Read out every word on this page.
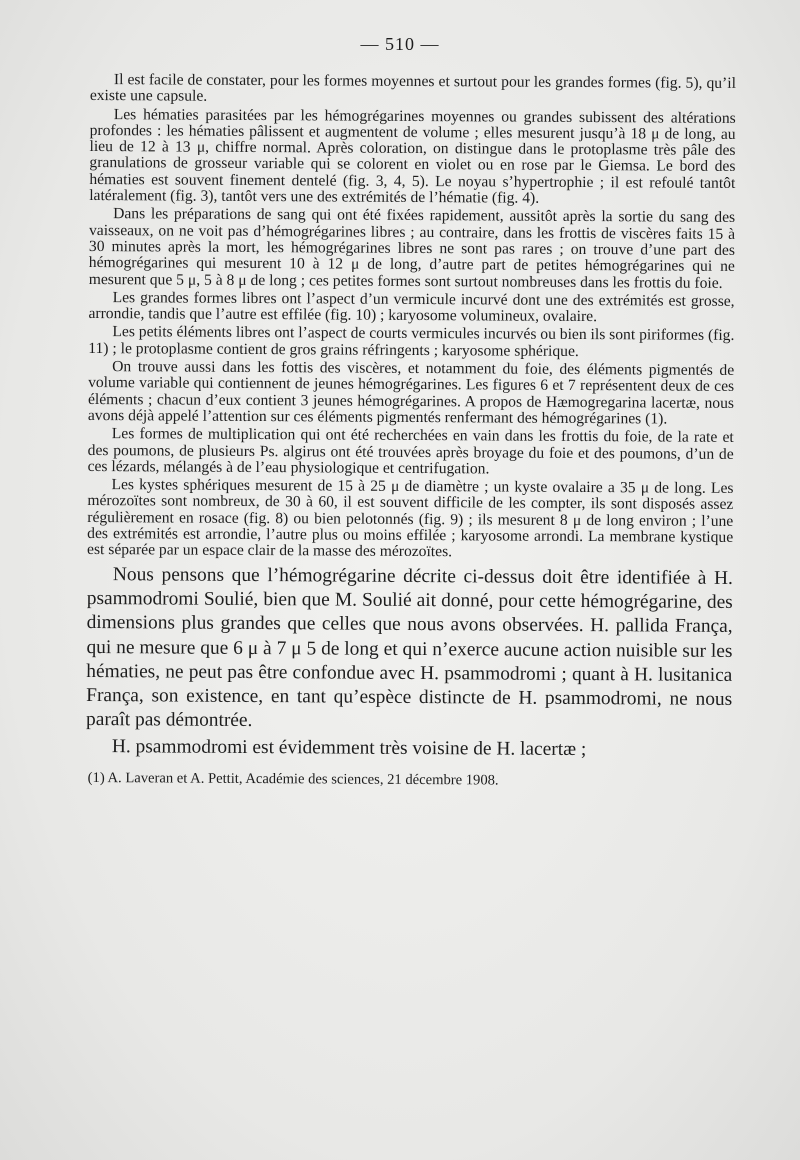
— 510 —

Il est facile de constater, pour les formes moyennes et surtout pour les grandes formes (fig. 5), qu’il existe une capsule.

Les hématies parasitées par les hémogrégarines moyennes ou grandes subissent des altérations profondes : les hématies pâlissent et augmentent de volume ; elles mesurent jusqu’à 18 μ de long, au lieu de 12 à 13 μ, chiffre normal. Après coloration, on distingue dans le protoplasme très pâle des granulations de grosseur variable qui se colorent en violet ou en rose par le Giemsa. Le bord des hématies est souvent finement dentelé (fig. 3, 4, 5). Le noyau s’hypertrophie ; il est refoulé tantôt latéralement (fig. 3), tantôt vers une des extrémités de l’hématie (fig. 4).

Dans les préparations de sang qui ont été fixées rapidement, aussitôt après la sortie du sang des vaisseaux, on ne voit pas d’hémogrégarines libres ; au contraire, dans les frottis de viscères faits 15 à 30 minutes après la mort, les hémogrégarines libres ne sont pas rares ; on trouve d’une part des hémogrégarines qui mesurent 10 à 12 μ de long, d’autre part de petites hémogrégarines qui ne mesurent que 5 μ, 5 à 8 μ de long ; ces petites formes sont surtout nombreuses dans les frottis du foie.

Les grandes formes libres ont l’aspect d’un vermicule incurvé dont une des extrémités est grosse, arrondie, tandis que l’autre est effilée (fig. 10) ; karyosome volumineux, ovalaire.

Les petits éléments libres ont l’aspect de courts vermicules incurvés ou bien ils sont piriformes (fig. 11) ; le protoplasme contient de gros grains réfringents ; karyosome sphérique.

On trouve aussi dans les fottis des viscères, et notamment du foie, des éléments pigmentés de volume variable qui contiennent de jeunes hémogrégarines. Les figures 6 et 7 représentent deux de ces éléments ; chacun d’eux contient 3 jeunes hémogrégarines. A propos de Hæmogregarina lacertæ, nous avons déjà appelé l’attention sur ces éléments pigmentés renfermant des hémogrégarines (1).

Les formes de multiplication qui ont été recherchées en vain dans les frottis du foie, de la rate et des poumons, de plusieurs Ps. algirus ont été trouvées après broyage du foie et des poumons, d’un de ces lézards, mélangés à de l’eau physiologique et centrifugation.

Les kystes sphériques mesurent de 15 à 25 μ de diamètre ; un kyste ovalaire a 35 μ de long. Les mérozoïtes sont nombreux, de 30 à 60, il est souvent difficile de les compter, ils sont disposés assez régulièrement en rosace (fig. 8) ou bien pelotonnés (fig. 9) ; ils mesurent 8 μ de long environ ; l’une des extrémités est arrondie, l’autre plus ou moins effilée ; karyosome arrondi. La membrane kystique est séparée par un espace clair de la masse des mérozoïtes.

Nous pensons que l’hémogrégarine décrite ci-dessus doit être identifiée à H. psammodromi Soulié, bien que M. Soulié ait donné, pour cette hémogrégarine, des dimensions plus grandes que celles que nous avons observées. H. pallida França, qui ne mesure que 6 μ à 7 μ 5 de long et qui n’exerce aucune action nuisible sur les hématies, ne peut pas être confondue avec H. psammodromi ; quant à H. lusitanica França, son existence, en tant qu’espèce distincte de H. psammodromi, ne nous paraît pas démontrée.

H. psammodromi est évidemment très voisine de H. lacertæ ;

(1) A. Laveran et A. Pettit, Académie des sciences, 21 décembre 1908.
